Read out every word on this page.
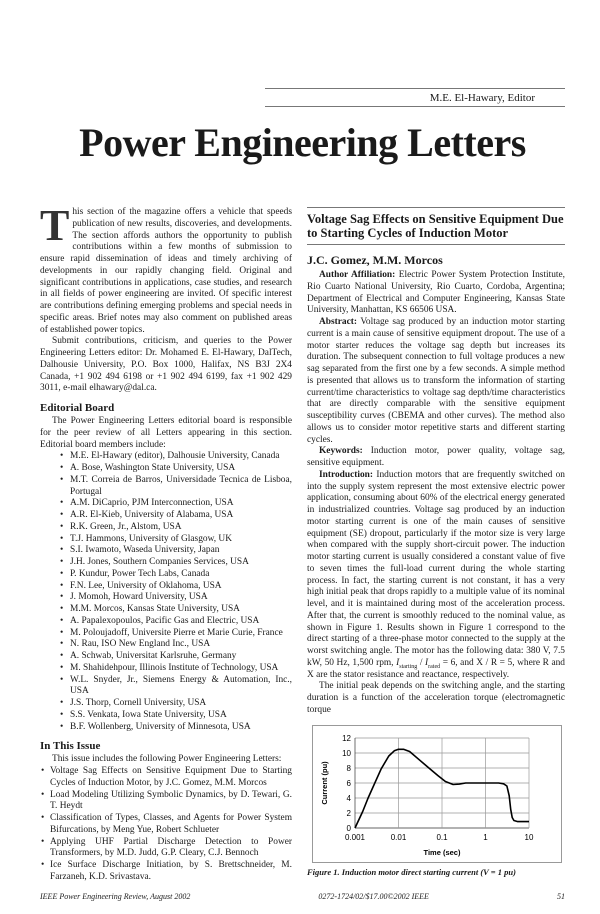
M.E. El-Hawary, Editor
Power Engineering Letters

This section of the magazine offers a vehicle that speeds publication of new results, discoveries, and developments. The section affords authors the opportunity to publish contributions within a few months of submission to ensure rapid dissemination of ideas and timely archiving of developments in our rapidly changing field. Original and significant contributions in applications, case studies, and research in all fields of power engineering are invited. Of specific interest are contributions defining emerging problems and special needs in specific areas. Brief notes may also comment on published areas of established power topics.

Submit contributions, criticism, and queries to the Power Engineering Letters editor: Dr. Mohamed E. El-Hawary, DalTech, Dalhousie University, P.O. Box 1000, Halifax, NS B3J 2X4 Canada, +1 902 494 6198 or +1 902 494 6199, fax +1 902 429 3011, e-mail elhawary@dal.ca.

Editorial Board

The Power Engineering Letters editorial board is responsible for the peer review of all Letters appearing in this section. Editorial board members include:

• M.E. El-Hawary (editor), Dalhousie University, Canada
• A. Bose, Washington State University, USA
• M.T. Correia de Barros, Universidade Tecnica de Lisboa, Portugal
• A.M. DiCaprio, PJM Interconnection, USA
• A.R. El-Kieb, University of Alabama, USA
• R.K. Green, Jr., Alstom, USA
• T.J. Hammons, University of Glasgow, UK
• S.I. Iwamoto, Waseda University, Japan
• J.H. Jones, Southern Companies Services, USA
• P. Kundur, Power Tech Labs, Canada
• F.N. Lee, University of Oklahoma, USA
• J. Momoh, Howard University, USA
• M.M. Morcos, Kansas State University, USA
• A. Papalexopoulos, Pacific Gas and Electric, USA
• M. Poloujadoff, Universite Pierre et Marie Curie, France
• N. Rau, ISO New England Inc., USA
• A. Schwab, Universitat Karlsruhe, Germany
• M. Shahidehpour, Illinois Institute of Technology, USA
• W.L. Snyder, Jr., Siemens Energy & Automation, Inc., USA
• J.S. Thorp, Cornell University, USA
• S.S. Venkata, Iowa State University, USA
• B.F. Wollenberg, University of Minnesota, USA
In This Issue

This issue includes the following Power Engineering Letters:

• Voltage Sag Effects on Sensitive Equipment Due to Starting Cycles of Induction Motor, by J.C. Gomez, M.M. Morcos
• Load Modeling Utilizing Symbolic Dynamics, by D. Tewari, G. T. Heydt
• Classification of Types, Classes, and Agents for Power System Bifurcations, by Meng Yue, Robert Schlueter
• Applying UHF Partial Discharge Detection to Power Transformers, by M.D. Judd, G.P. Cleary, C.J. Bennoch
• Ice Surface Discharge Initiation, by S. Brettschneider, M. Farzaneh, K.D. Srivastava.
Voltage Sag Effects on Sensitive Equipment Due to Starting Cycles of Induction Motor
J.C. Gomez, M.M. Morcos

Author Affiliation: Electric Power System Protection Institute, Rio Cuarto National University, Rio Cuarto, Cordoba, Argentina; Department of Electrical and Computer Engineering, Kansas State University, Manhattan, KS 66506 USA.

Abstract: Voltage sag produced by an induction motor starting current is a main cause of sensitive equipment dropout. The use of a motor starter reduces the voltage sag depth but increases its duration. The subsequent connection to full voltage produces a new sag separated from the first one by a few seconds. A simple method is presented that allows us to transform the information of starting current/time characteristics to voltage sag depth/time characteristics that are directly comparable with the sensitive equipment susceptibility curves (CBEMA and other curves). The method also allows us to consider motor repetitive starts and different starting cycles.

Keywords: Induction motor, power quality, voltage sag, sensitive equipment.

Introduction: Induction motors that are frequently switched on into the supply system represent the most extensive electric power application, consuming about 60% of the electrical energy generated in industrialized countries. Voltage sag produced by an induction motor starting current is one of the main causes of sensitive equipment (SE) dropout, particularly if the motor size is very large when compared with the supply short-circuit power. The induction motor starting current is usually considered a constant value of five to seven times the full-load current during the whole starting process. In fact, the starting current is not constant, it has a very high initial peak that drops rapidly to a multiple value of its nominal level, and it is maintained during most of the acceleration process. After that, the current is smoothly reduced to the nominal value, as shown in Figure 1. Results shown in Figure 1 correspond to the direct starting of a three-phase motor connected to the supply at the worst switching angle. The motor has the following data: 380 V, 7.5 kW, 50 Hz, 1,500 rpm, $I_{starting} / I_{rated} = 6$, and X / R = 5, where R and X are the stator resistance and reactance, respectively.

The initial peak depends on the switching angle, and the starting duration is a function of the acceleration torque (electromagnetic torque

0
2
4
6
8
10
12
0.001	0.01	0.1	1	10
Time (sec)
Current (pu)
Figure 1. Induction motor direct starting current (V = 1 pu)
IEEE Power Engineering Review, August 2002	0272-1724/02/$17.00©2002 IEEE	51
